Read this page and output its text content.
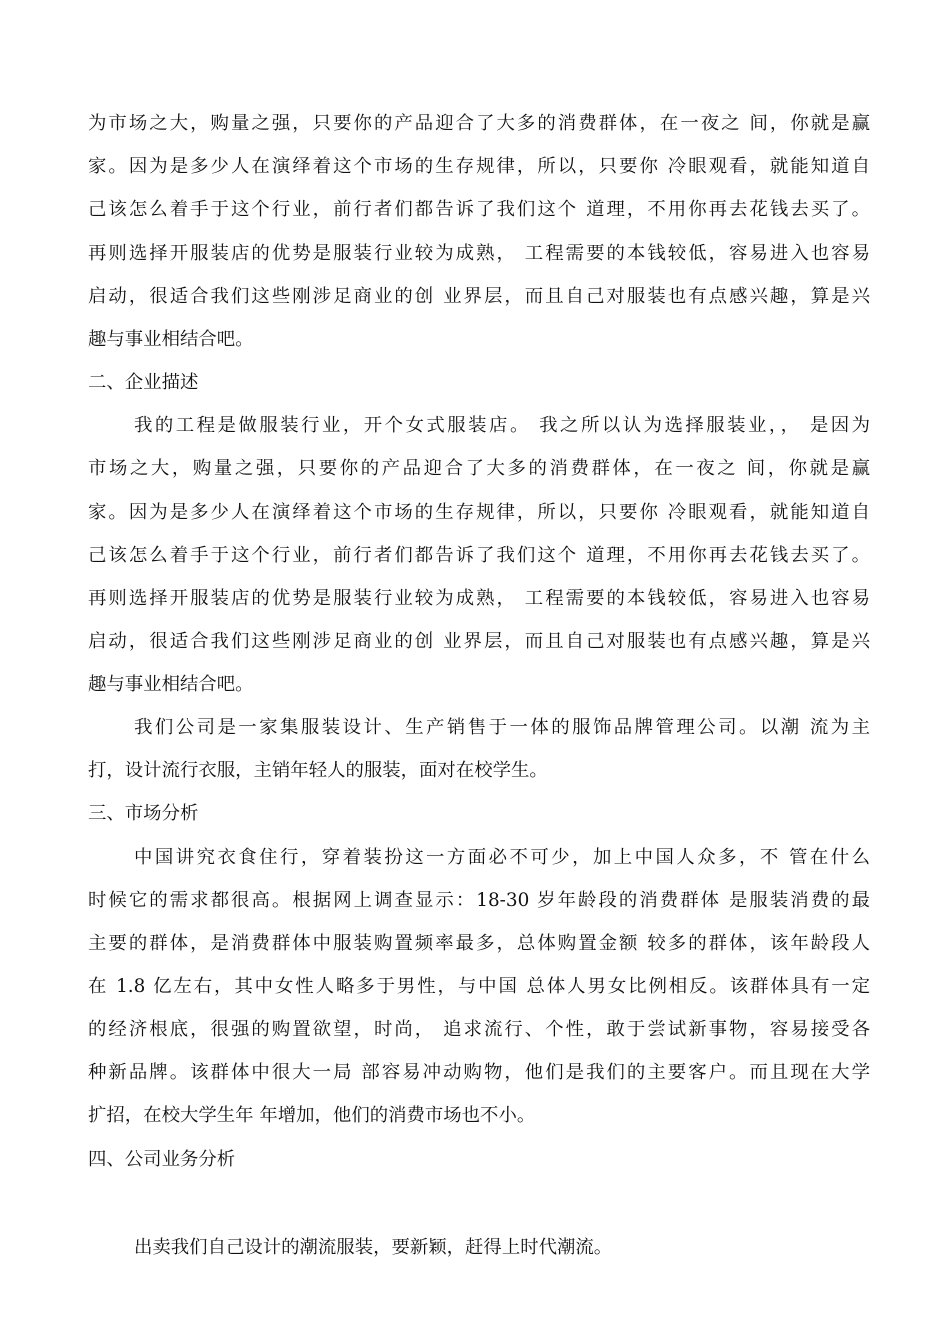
为市场之大，购量之强，只要你的产品迎合了大多的消费群体，在一夜之 间，你就是赢
家。因为是多少人在演绎着这个市场的生存规律，所以，只要你 冷眼观看，就能知道自
己该怎么着手于这个行业，前行者们都告诉了我们这个 道理，不用你再去花钱去买了。
再则选择开服装店的优势是服装行业较为成熟， 工程需要的本钱较低，容易进入也容易
启动，很适合我们这些刚涉足商业的创 业界层，而且自己对服装也有点感兴趣，算是兴
趣与事业相结合吧。
二、企业描述
我的工程是做服装行业，开个女式服装店。 我之所以认为选择服装业，， 是因为
市场之大，购量之强，只要你的产品迎合了大多的消费群体，在一夜之 间，你就是赢
家。因为是多少人在演绎着这个市场的生存规律，所以，只要你 冷眼观看，就能知道自
己该怎么着手于这个行业，前行者们都告诉了我们这个 道理，不用你再去花钱去买了。
再则选择开服装店的优势是服装行业较为成熟， 工程需要的本钱较低，容易进入也容易
启动，很适合我们这些刚涉足商业的创 业界层，而且自己对服装也有点感兴趣，算是兴
趣与事业相结合吧。
我们公司是一家集服装设计、生产销售于一体的服饰品牌管理公司。以潮 流为主
打，设计流行衣服，主销年轻人的服装，面对在校学生。
三、市场分析
中国讲究衣食住行，穿着装扮这一方面必不可少，加上中国人众多，不 管在什么
时候它的需求都很高。根据网上调查显示：18-30 岁年龄段的消费群体 是服装消费的最
主要的群体，是消费群体中服装购置频率最多，总体购置金额 较多的群体，该年龄段人
在 1.8 亿左右，其中女性人略多于男性，与中国 总体人男女比例相反。该群体具有一定
的经济根底，很强的购置欲望，时尚， 追求流行、个性，敢于尝试新事物，容易接受各
种新品牌。该群体中很大一局 部容易冲动购物，他们是我们的主要客户。而且现在大学
扩招，在校大学生年 年增加，他们的消费市场也不小。
四、公司业务分析
出卖我们自己设计的潮流服装，要新颖，赶得上时代潮流。
